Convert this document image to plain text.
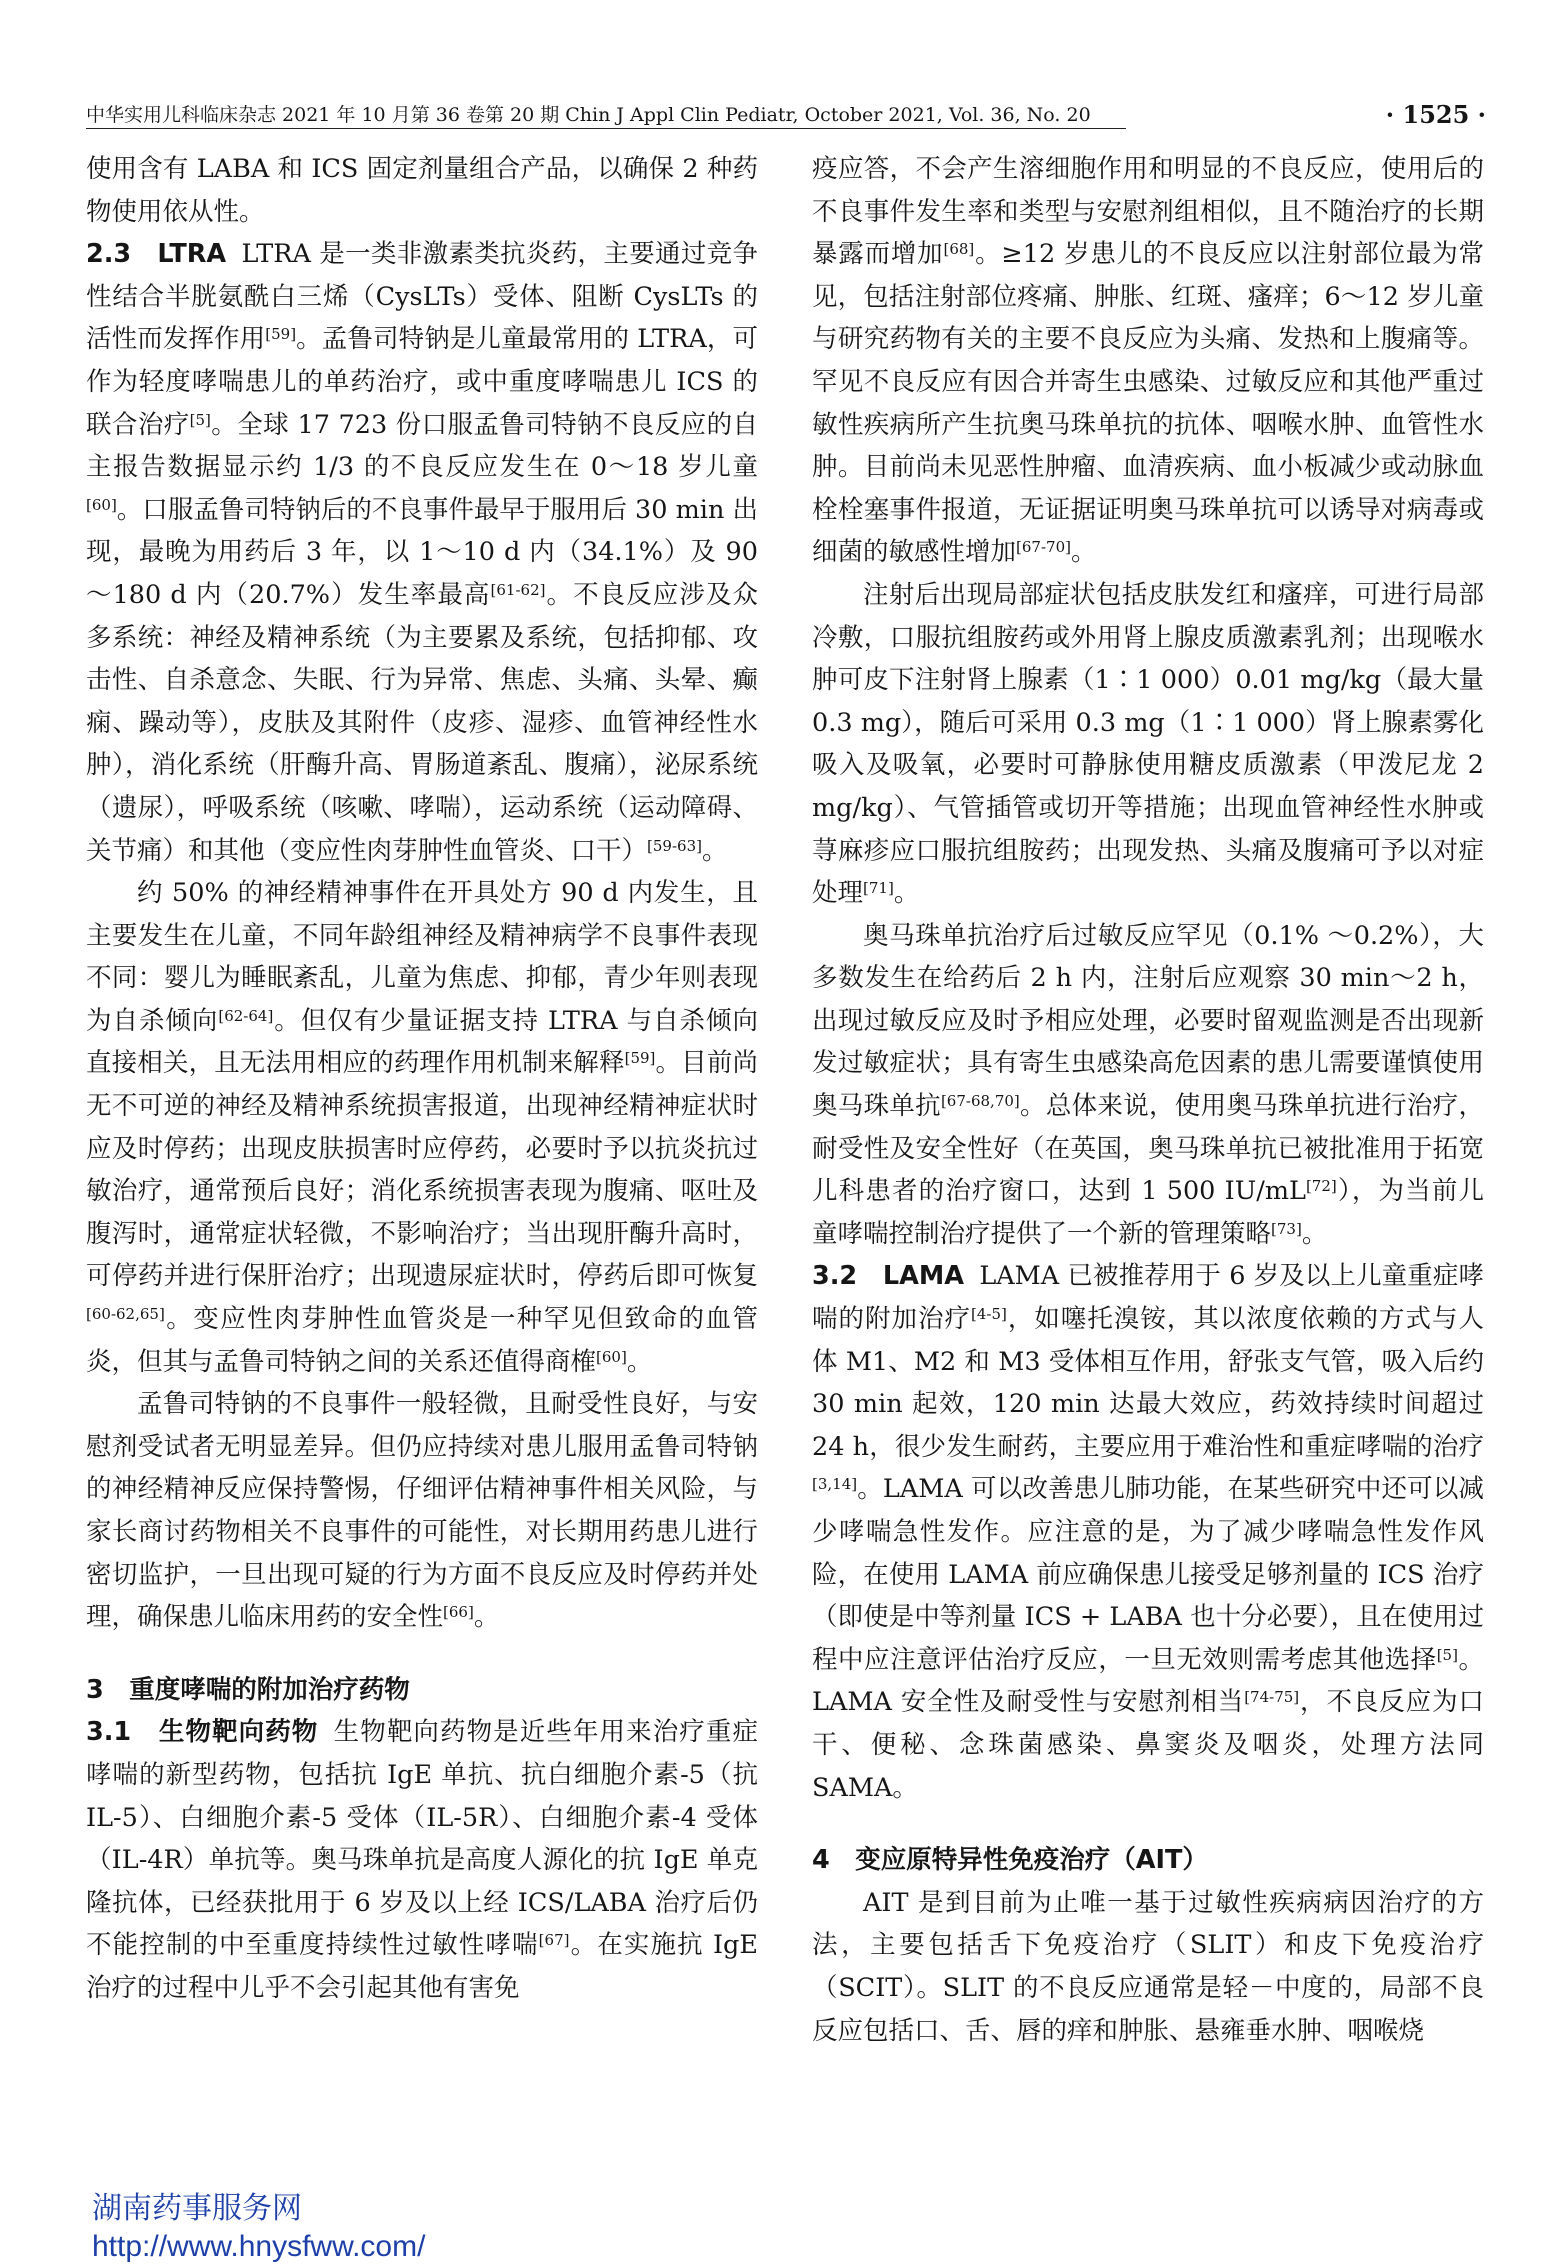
中华实用儿科临床杂志 2021 年 10 月第 36 卷第 20 期 Chin J Appl Clin Pediatr, October 2021, Vol. 36, No. 20	· 1525 ·

使用含有 LABA 和 ICS 固定剂量组合产品，以确保 2 种药物使用依从性。

2.3　 LTRA LTRA 是一类非激素类抗炎药，主要通过竞争性结合半胱氨酰白三烯（CysLTs）受体、阻断 CysLTs 的活性而发挥作用[59]。孟鲁司特钠是儿童最常用的 LTRA，可作为轻度哮喘患儿的单药治疗，或中重度哮喘患儿 ICS 的联合治疗[5]。全球 17 723 份口服孟鲁司特钠不良反应的自主报告数据显示约 1/3 的不良反应发生在 0～18 岁儿童[60]。口服孟鲁司特钠后的不良事件最早于服用后 30 min 出现，最晚为用药后 3 年，以 1～10 d 内（34.1%）及 90～180 d 内（20.7%）发生率最高[61-62]。不良反应涉及众多系统：神经及精神系统（为主要累及系统，包括抑郁、攻击性、自杀意念、失眠、行为异常、焦虑、头痛、头晕、癫痫、躁动等），皮肤及其附件（皮疹、湿疹、血管神经性水肿），消化系统（肝酶升高、胃肠道紊乱、腹痛），泌尿系统（遗尿），呼吸系统（咳嗽、哮喘），运动系统（运动障碍、关节痛）和其他（变应性肉芽肿性血管炎、口干）[59-63]。

约 50% 的神经精神事件在开具处方 90 d 内发生，且主要发生在儿童，不同年龄组神经及精神病学不良事件表现不同：婴儿为睡眠紊乱，儿童为焦虑、抑郁，青少年则表现为自杀倾向[62-64]。但仅有少量证据支持 LTRA 与自杀倾向直接相关，且无法用相应的药理作用机制来解释[59]。目前尚无不可逆的神经及精神系统损害报道，出现神经精神症状时应及时停药；出现皮肤损害时应停药，必要时予以抗炎抗过敏治疗，通常预后良好；消化系统损害表现为腹痛、呕吐及腹泻时，通常症状轻微，不影响治疗；当出现肝酶升高时，可停药并进行保肝治疗；出现遗尿症状时，停药后即可恢复[60-62,65]。变应性肉芽肿性血管炎是一种罕见但致命的血管炎，但其与孟鲁司特钠之间的关系还值得商榷[60]。

孟鲁司特钠的不良事件一般轻微，且耐受性良好，与安慰剂受试者无明显差异。但仍应持续对患儿服用孟鲁司特钠的神经精神反应保持警惕，仔细评估精神事件相关风险，与家长商讨药物相关不良事件的可能性，对长期用药患儿进行密切监护，一旦出现可疑的行为方面不良反应及时停药并处理，确保患儿临床用药的安全性[66]。

3　重度哮喘的附加治疗药物

3.1　 生物靶向药物 生物靶向药物是近些年用来治疗重症哮喘的新型药物，包括抗 IgE 单抗、抗白细胞介素-5（抗 IL-5）、白细胞介素-5 受体（IL-5R）、白细胞介素-4 受体（IL-4R）单抗等。奥马珠单抗是高度人源化的抗 IgE 单克隆抗体，已经获批用于 6 岁及以上经 ICS/LABA 治疗后仍不能控制的中至重度持续性过敏性哮喘[67]。在实施抗 IgE 治疗的过程中儿乎不会引起其他有害免

疫应答，不会产生溶细胞作用和明显的不良反应，使用后的不良事件发生率和类型与安慰剂组相似，且不随治疗的长期暴露而增加[68]。≥12 岁患儿的不良反应以注射部位最为常见，包括注射部位疼痛、肿胀、红斑、瘙痒；6～12 岁儿童与研究药物有关的主要不良反应为头痛、发热和上腹痛等。罕见不良反应有因合并寄生虫感染、过敏反应和其他严重过敏性疾病所产生抗奥马珠单抗的抗体、咽喉水肿、血管性水肿。目前尚未见恶性肿瘤、血清疾病、血小板减少或动脉血栓栓塞事件报道，无证据证明奥马珠单抗可以诱导对病毒或细菌的敏感性增加[67-70]。

注射后出现局部症状包括皮肤发红和瘙痒，可进行局部冷敷，口服抗组胺药或外用肾上腺皮质激素乳剂；出现喉水肿可皮下注射肾上腺素（1∶1 000）0.01 mg/kg（最大量 0.3 mg），随后可采用 0.3 mg（1∶1 000）肾上腺素雾化吸入及吸氧，必要时可静脉使用糖皮质激素（甲泼尼龙 2 mg/kg）、气管插管或切开等措施；出现血管神经性水肿或荨麻疹应口服抗组胺药；出现发热、头痛及腹痛可予以对症处理[71]。

奥马珠单抗治疗后过敏反应罕见（0.1% ～0.2%），大多数发生在给药后 2 h 内，注射后应观察 30 min～2 h，出现过敏反应及时予相应处理，必要时留观监测是否出现新发过敏症状；具有寄生虫感染高危因素的患儿需要谨慎使用奥马珠单抗[67-68,70]。总体来说，使用奥马珠单抗进行治疗，耐受性及安全性好（在英国，奥马珠单抗已被批准用于拓宽儿科患者的治疗窗口，达到 1 500 IU/mL[72]），为当前儿童哮喘控制治疗提供了一个新的管理策略[73]。

3.2　 LAMA LAMA 已被推荐用于 6 岁及以上儿童重症哮喘的附加治疗[4-5]，如噻托溴铵，其以浓度依赖的方式与人体 M1、M2 和 M3 受体相互作用，舒张支气管，吸入后约 30 min 起效，120 min 达最大效应，药效持续时间超过 24 h，很少发生耐药，主要应用于难治性和重症哮喘的治疗[3,14]。LAMA 可以改善患儿肺功能，在某些研究中还可以减少哮喘急性发作。应注意的是，为了减少哮喘急性发作风险，在使用 LAMA 前应确保患儿接受足够剂量的 ICS 治疗（即使是中等剂量 ICS + LABA 也十分必要），且在使用过程中应注意评估治疗反应，一旦无效则需考虑其他选择[5]。LAMA 安全性及耐受性与安慰剂相当[74-75]，不良反应为口干、便秘、念珠菌感染、鼻窦炎及咽炎，处理方法同 SAMA。

4　变应原特异性免疫治疗（AIT）

AIT 是到目前为止唯一基于过敏性疾病病因治疗的方法，主要包括舌下免疫治疗（SLIT）和皮下免疫治疗（SCIT）。SLIT 的不良反应通常是轻－中度的，局部不良反应包括口、舌、唇的痒和肿胀、悬雍垂水肿、咽喉烧

湖南药事服务网
http://www.hnysfww.com/
